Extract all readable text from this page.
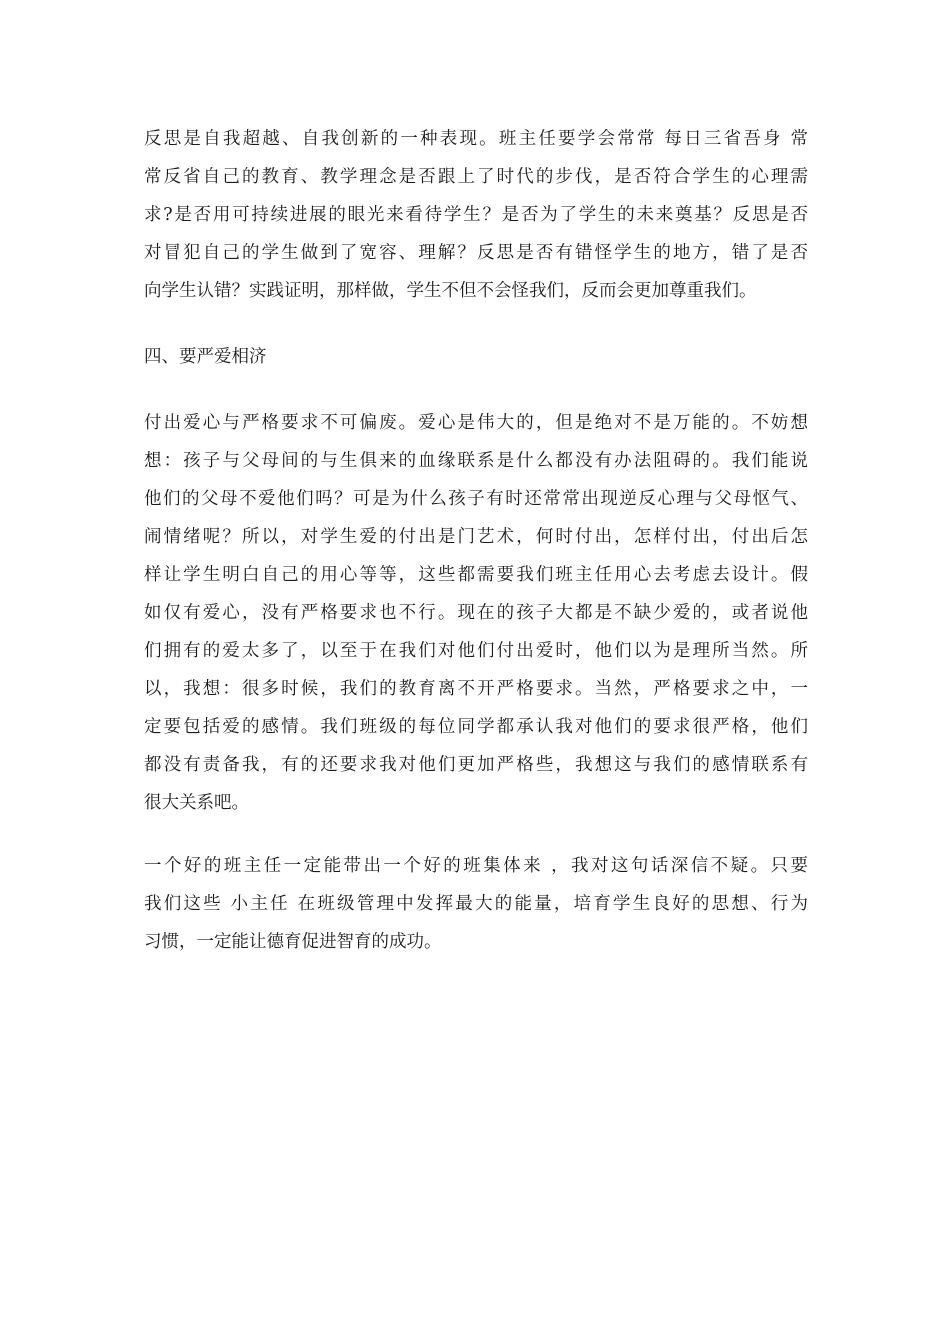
反思是自我超越、自我创新的一种表现。班主任要学会常常 每日三省吾身 常
常反省自己的教育、教学理念是否跟上了时代的步伐，是否符合学生的心理需
求?是否用可持续进展的眼光来看待学生？是否为了学生的未来奠基？反思是否
对冒犯自己的学生做到了宽容、理解？反思是否有错怪学生的地方，错了是否
向学生认错？实践证明，那样做，学生不但不会怪我们，反而会更加尊重我们。
四、要严爱相济
付出爱心与严格要求不可偏废。爱心是伟大的，但是绝对不是万能的。不妨想
想：孩子与父母间的与生俱来的血缘联系是什么都没有办法阻碍的。我们能说
他们的父母不爱他们吗？可是为什么孩子有时还常常出现逆反心理与父母怄气、
闹情绪呢？所以，对学生爱的付出是门艺术，何时付出，怎样付出，付出后怎
样让学生明白自己的用心等等，这些都需要我们班主任用心去考虑去设计。假
如仅有爱心，没有严格要求也不行。现在的孩子大都是不缺少爱的，或者说他
们拥有的爱太多了，以至于在我们对他们付出爱时，他们以为是理所当然。所
以，我想：很多时候，我们的教育离不开严格要求。当然，严格要求之中，一
定要包括爱的感情。我们班级的每位同学都承认我对他们的要求很严格，他们
都没有责备我，有的还要求我对他们更加严格些，我想这与我们的感情联系有
很大关系吧。
一个好的班主任一定能带出一个好的班集体来 ，我对这句话深信不疑。只要
我们这些 小主任 在班级管理中发挥最大的能量，培育学生良好的思想、行为
习惯，一定能让德育促进智育的成功。
